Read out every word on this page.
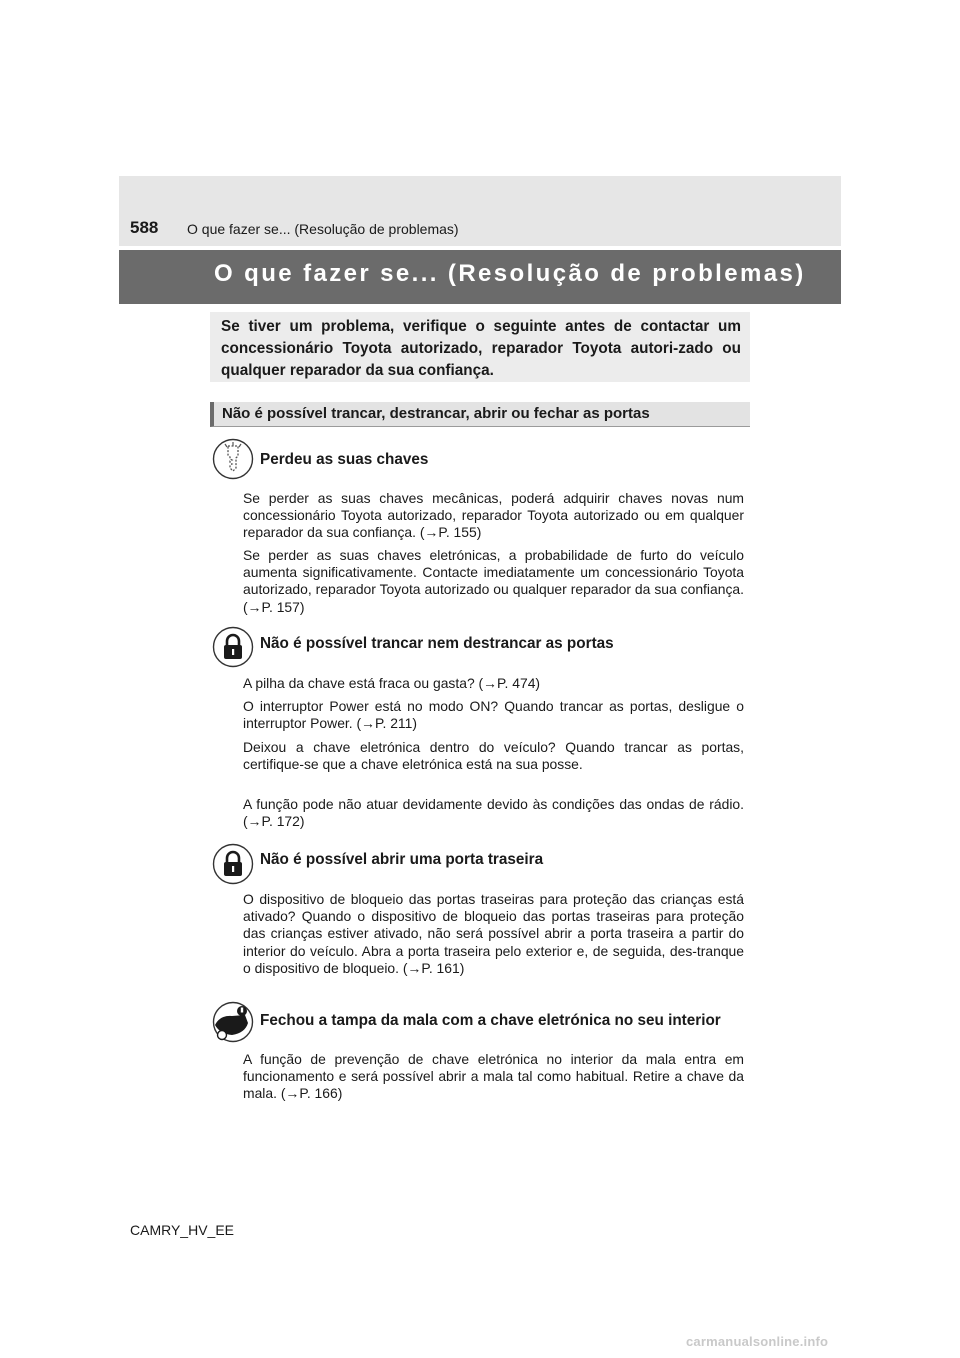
588 O que fazer se... (Resolução de problemas)
O que fazer se... (Resolução de problemas)
Se tiver um problema, verifique o seguinte antes de contactar um concessionário Toyota autorizado, reparador Toyota autori-zado ou qualquer reparador da sua confiança.
Não é possível trancar, destrancar, abrir ou fechar as portas
Perdeu as suas chaves
Se perder as suas chaves mecânicas, poderá adquirir chaves novas num concessionário Toyota autorizado, reparador Toyota autorizado ou em qualquer reparador da sua confiança. (→P. 155)
Se perder as suas chaves eletrónicas, a probabilidade de furto do veículo aumenta significativamente. Contacte imediatamente um concessionário Toyota autorizado, reparador Toyota autorizado ou qualquer reparador da sua confiança. (→P. 157)
Não é possível trancar nem destrancar as portas
A pilha da chave está fraca ou gasta? (→P. 474)
O interruptor Power está no modo ON? Quando trancar as portas, desligue o interruptor Power. (→P. 211)
Deixou a chave eletrónica dentro do veículo? Quando trancar as portas, certifique-se que a chave eletrónica está na sua posse.
A função pode não atuar devidamente devido às condições das ondas de rádio. (→P. 172)
Não é possível abrir uma porta traseira
O dispositivo de bloqueio das portas traseiras para proteção das crianças está ativado? Quando o dispositivo de bloqueio das portas traseiras para proteção das crianças estiver ativado, não será possível abrir a porta traseira a partir do interior do veículo. Abra a porta traseira pelo exterior e, de seguida, des-tranque o dispositivo de bloqueio. (→P. 161)
Fechou a tampa da mala com a chave eletrónica no seu interior
A função de prevenção de chave eletrónica no interior da mala entra em funcionamento e será possível abrir a mala tal como habitual. Retire a chave da mala. (→P. 166)
CAMRY_HV_EE
carmanualsonline.info
